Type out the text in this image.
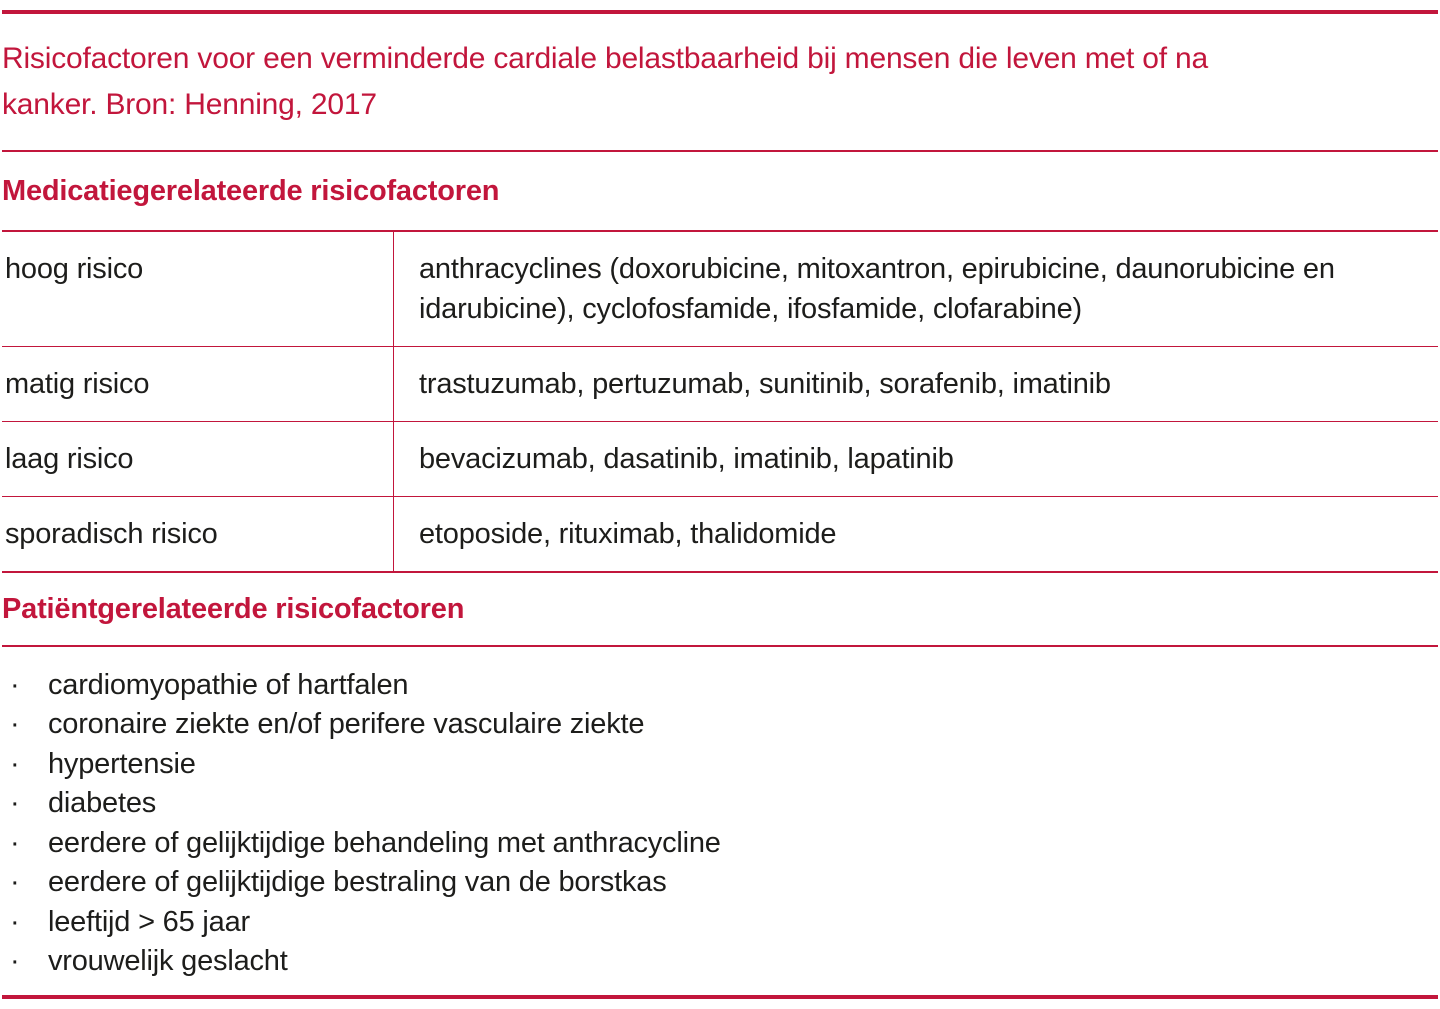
Risicofactoren voor een verminderde cardiale belastbaarheid bij mensen die leven met of na
kanker. Bron: Henning, 2017
Medicatiegerelateerde risicofactoren
hoog risico	anthracyclines (doxorubicine, mitoxantron, epirubicine, daunorubicine en idarubicine), cyclofosfamide, ifosfamide, clofarabine)
matig risico	trastuzumab, pertuzumab, sunitinib, sorafenib, imatinib
laag risico	bevacizumab, dasatinib, imatinib, lapatinib
sporadisch risico	etoposide, rituximab, thalidomide
Patiëntgerelateerde risicofactoren
· cardiomyopathie of hartfalen
· coronaire ziekte en/of perifere vasculaire ziekte
· hypertensie
· diabetes
· eerdere of gelijktijdige behandeling met anthracycline
· eerdere of gelijktijdige bestraling van de borstkas
· leeftijd > 65 jaar
· vrouwelijk geslacht
